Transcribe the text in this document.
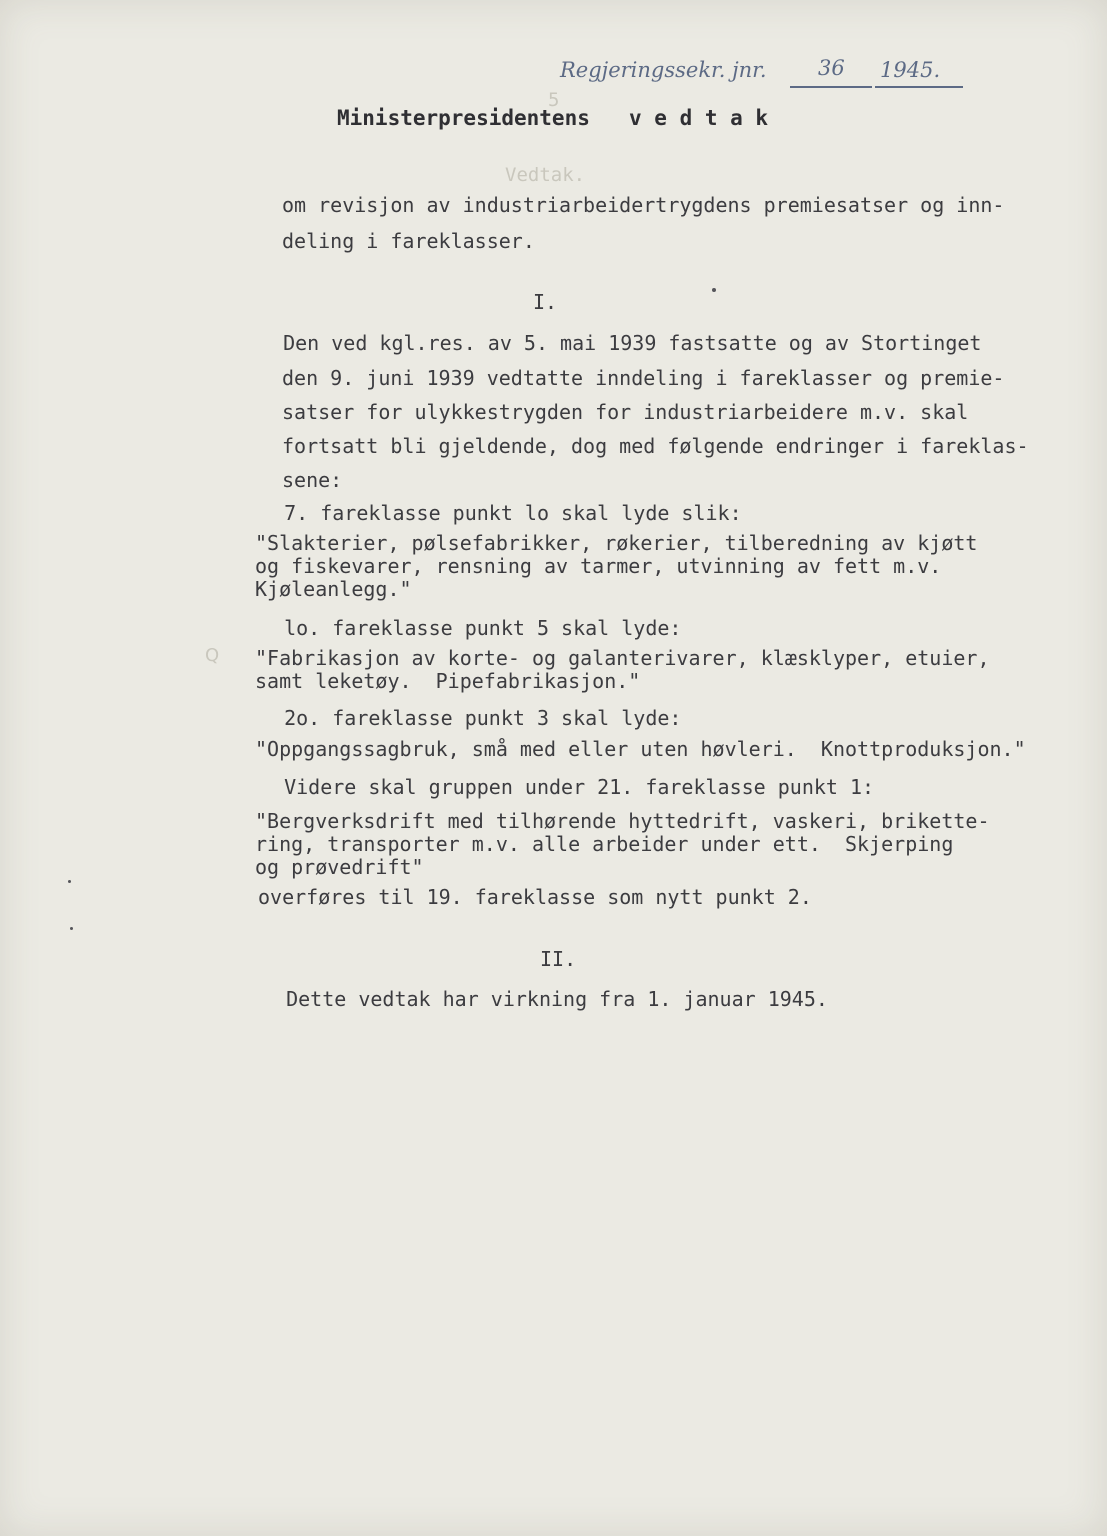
Regjeringssekr. jnr. 36 1945.
5
Vedtak.
Ministerpresidentens v e d t a k
om revisjon av industriarbeidertrygdens premiesatser og inn-
deling i fareklasser.
I.
Den ved kgl.res. av 5. mai 1939 fastsatte og av Stortinget
den 9. juni 1939 vedtatte inndeling i fareklasser og premie-
satser for ulykkestrygden for industriarbeidere m.v. skal
fortsatt bli gjeldende, dog med følgende endringer i fareklas-
sene:
7. fareklasse punkt lo skal lyde slik:
"Slakterier, pølsefabrikker, røkerier, tilberedning av kjøtt
og fiskevarer, rensning av tarmer, utvinning av fett m.v.
Kjøleanlegg."
lo. fareklasse punkt 5 skal lyde:
Q "Fabrikasjon av korte- og galanterivarer, klæsklyper, etuier,
samt leketøy.  Pipefabrikasjon."
2o. fareklasse punkt 3 skal lyde:
"Oppgangssagbruk, små med eller uten høvleri.  Knottproduksjon."
Videre skal gruppen under 21. fareklasse punkt 1:
"Bergverksdrift med tilhørende hyttedrift, vaskeri, brikette-
ring, transporter m.v. alle arbeider under ett.  Skjerping
og prøvedrift"
overføres til 19. fareklasse som nytt punkt 2.
II.
Dette vedtak har virkning fra 1. januar 1945.
